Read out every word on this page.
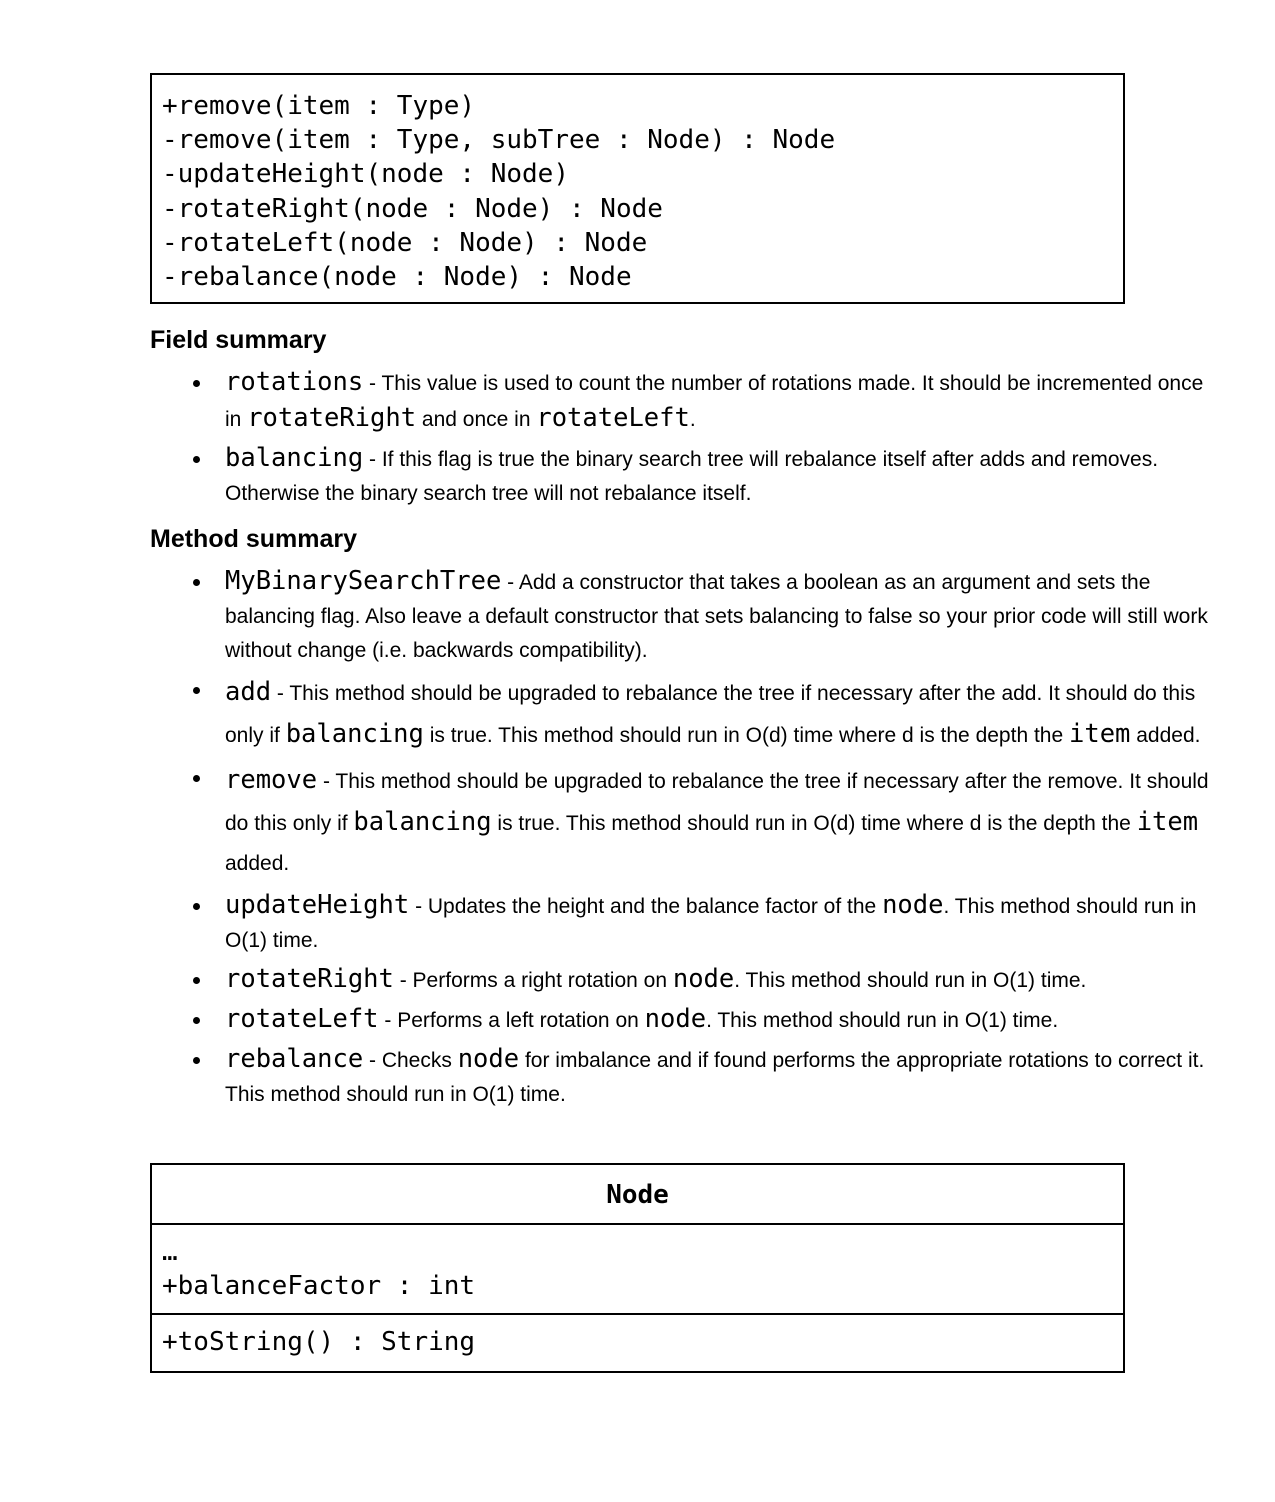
+remove(item : Type)
-remove(item : Type, subTree : Node) : Node
-updateHeight(node : Node)
-rotateRight(node : Node) : Node
-rotateLeft(node : Node) : Node
-rebalance(node : Node) : Node
Field summary
rotations - This value is used to count the number of rotations made. It should be incremented once in rotateRight and once in rotateLeft.
balancing - If this flag is true the binary search tree will rebalance itself after adds and removes. Otherwise the binary search tree will not rebalance itself.
Method summary
MyBinarySearchTree - Add a constructor that takes a boolean as an argument and sets the balancing flag. Also leave a default constructor that sets balancing to false so your prior code will still work without change (i.e. backwards compatibility).
add - This method should be upgraded to rebalance the tree if necessary after the add. It should do this only if balancing is true. This method should run in O(d) time where d is the depth the item added.
remove - This method should be upgraded to rebalance the tree if necessary after the remove. It should do this only if balancing is true. This method should run in O(d) time where d is the depth the item added.
updateHeight - Updates the height and the balance factor of the node. This method should run in O(1) time.
rotateRight - Performs a right rotation on node. This method should run in O(1) time.
rotateLeft - Performs a left rotation on node. This method should run in O(1) time.
rebalance - Checks node for imbalance and if found performs the appropriate rotations to correct it. This method should run in O(1) time.
Node
…
+balanceFactor : int
+toString() : String
